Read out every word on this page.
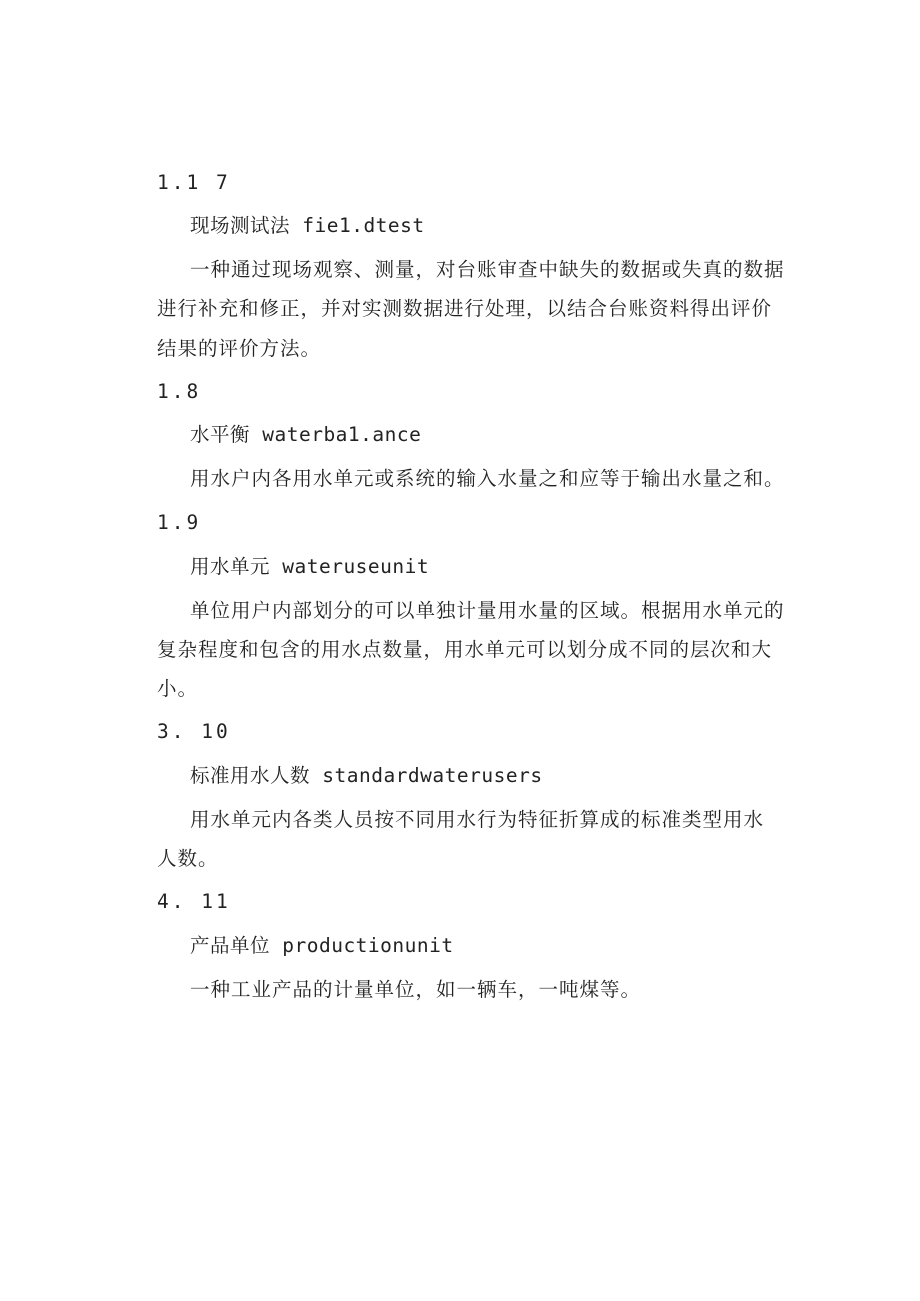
1.1 7
现场测试法 fie1.dtest
一种通过现场观察、测量，对台账审查中缺失的数据或失真的数据
进行补充和修正，并对实测数据进行处理，以结合台账资料得出评价
结果的评价方法。
1.8
水平衡 waterba1.ance
用水户内各用水单元或系统的输入水量之和应等于输出水量之和。
1.9
用水单元 wateruseunit
单位用户内部划分的可以单独计量用水量的区域。根据用水单元的
复杂程度和包含的用水点数量，用水单元可以划分成不同的层次和大
小。
3. 10
标准用水人数 standardwaterusers
用水单元内各类人员按不同用水行为特征折算成的标准类型用水
人数。
4. 11
产品单位 productionunit
一种工业产品的计量单位，如一辆车，一吨煤等。
